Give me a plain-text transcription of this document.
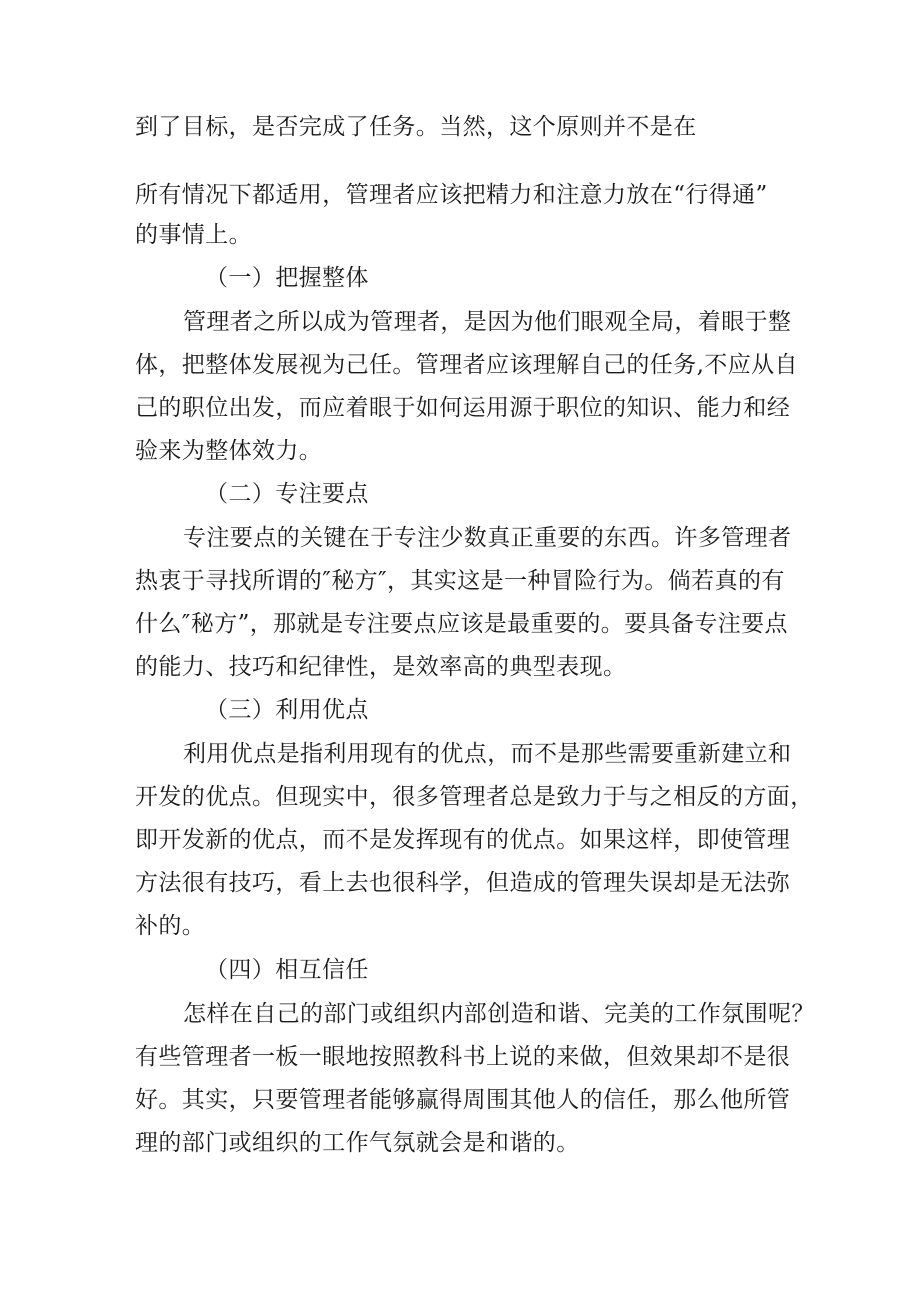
到了目标，是否完成了任务。当然，这个原则并不是在
所有情况下都适用，管理者应该把精力和注意力放在“行得通”
的事情上。
（一）把握整体
管理者之所以成为管理者，是因为他们眼观全局，着眼于整
体，把整体发展视为己任。管理者应该理解自己的任务,不应从自
己的职位出发，而应着眼于如何运用源于职位的知识、能力和经
验来为整体效力。
（二）专注要点
专注要点的关键在于专注少数真正重要的东西。许多管理者
热衷于寻找所谓的″秘方″，其实这是一种冒险行为。倘若真的有
什么″秘方”，那就是专注要点应该是最重要的。要具备专注要点
的能力、技巧和纪律性，是效率高的典型表现。
（三）利用优点
利用优点是指利用现有的优点，而不是那些需要重新建立和
开发的优点。但现实中，很多管理者总是致力于与之相反的方面，
即开发新的优点，而不是发挥现有的优点。如果这样，即使管理
方法很有技巧，看上去也很科学，但造成的管理失误却是无法弥
补的。
（四）相互信任
怎样在自己的部门或组织内部创造和谐、完美的工作氛围呢？
有些管理者一板一眼地按照教科书上说的来做，但效果却不是很
好。其实，只要管理者能够赢得周围其他人的信任，那么他所管
理的部门或组织的工作气氛就会是和谐的。
